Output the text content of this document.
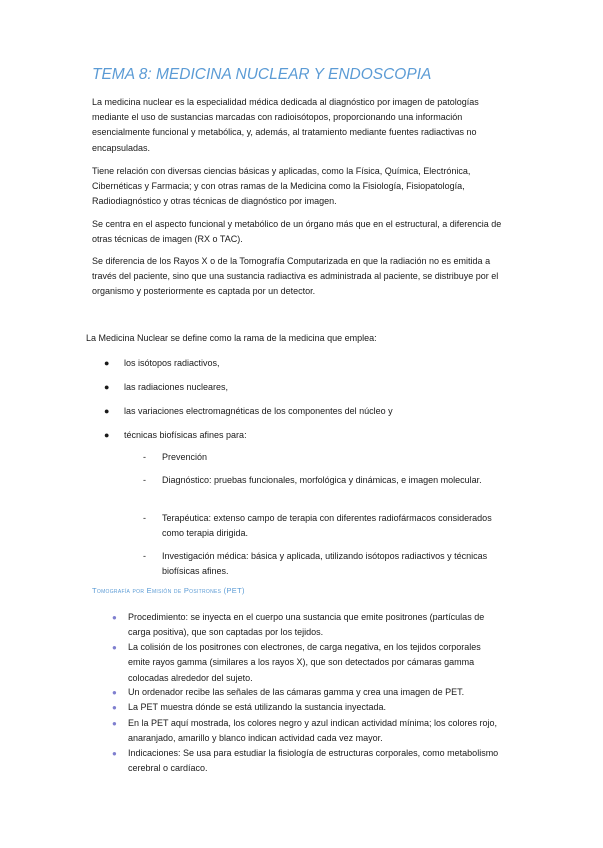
TEMA 8: MEDICINA NUCLEAR Y ENDOSCOPIA

La medicina nuclear es la especialidad médica dedicada al diagnóstico por imagen de patologías mediante el uso de sustancias marcadas con radioisótopos, proporcionando una información esencialmente funcional y metabólica, y, además, al tratamiento mediante fuentes radiactivas no encapsuladas.

Tiene relación con diversas ciencias básicas y aplicadas, como la Física, Química, Electrónica, Cibernéticas y Farmacia; y con otras ramas de la Medicina como la Fisiología, Fisiopatología, Radiodiagnóstico y otras técnicas de diagnóstico por imagen.

Se centra en el aspecto funcional y metabólico de un órgano más que en el estructural, a diferencia de otras técnicas de imagen (RX o TAC).

Se diferencia de los Rayos X o de la Tomografía Computarizada en que la radiación no es emitida a través del paciente, sino que una sustancia radiactiva es administrada al paciente, se distribuye por el organismo y posteriormente es captada por un detector.

La Medicina Nuclear se define como la rama de la medicina que emplea:
●	los isótopos radiactivos,
●	las radiaciones nucleares,
●	las variaciones electromagnéticas de los componentes del núcleo y
●	técnicas biofísicas afines para:
- Prevención
- Diagnóstico: pruebas funcionales, morfológica y dinámicas, e imagen molecular.
- Terapéutica: extenso campo de terapia con diferentes radiofármacos considerados como terapia dirigida.
- Investigación médica: básica y aplicada, utilizando isótopos radiactivos y técnicas biofísicas afines.
Tomografía por Emisión de Positrones (PET)
● Procedimiento: se inyecta en el cuerpo una sustancia que emite positrones (partículas de carga positiva), que son captadas por los tejidos.
● La colisión de los positrones con electrones, de carga negativa, en los tejidos corporales emite rayos gamma (similares a los rayos X), que son detectados por cámaras gamma colocadas alrededor del sujeto.
● Un ordenador recibe las señales de las cámaras gamma y crea una imagen de PET.
● La PET muestra dónde se está utilizando la sustancia inyectada.
● En la PET aquí mostrada, los colores negro y azul indican actividad mínima; los colores rojo, anaranjado, amarillo y blanco indican actividad cada vez mayor.
● Indicaciones: Se usa para estudiar la fisiología de estructuras corporales, como metabolismo cerebral o cardíaco.
